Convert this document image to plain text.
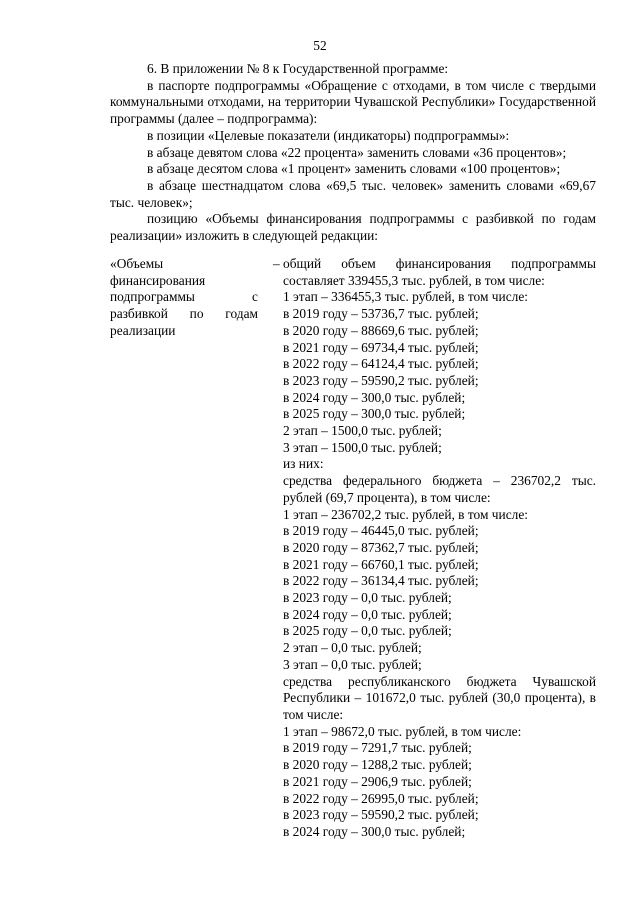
52

6. В приложении № 8 к Государственной программе:

в паспорте подпрограммы «Обращение с отходами, в том числе с твердыми коммунальными отходами, на территории Чувашской Республики» Государственной программы (далее – подпрограмма):

в позиции «Целевые показатели (индикаторы) подпрограммы»:

в абзаце девятом слова «22 процента» заменить словами «36 процентов»;

в абзаце десятом слова «1 процент» заменить словами «100 процентов»;

в абзаце шестнадцатом слова «69,5 тыс. человек» заменить словами «69,67 тыс. человек»;

позицию «Объемы финансирования подпрограммы с разбивкой по годам реализации» изложить в следующей редакции:

«Объемы финансирования подпрограммы с разбивкой по годам реализации
– общий объем финансирования подпрограммы составляет 339455,3 тыс. рублей, в том числе:
1 этап – 336455,3 тыс. рублей, в том числе:
в 2019 году – 53736,7 тыс. рублей;
в 2020 году – 88669,6 тыс. рублей;
в 2021 году – 69734,4 тыс. рублей;
в 2022 году – 64124,4 тыс. рублей;
в 2023 году – 59590,2 тыс. рублей;
в 2024 году – 300,0 тыс. рублей;
в 2025 году – 300,0 тыс. рублей;
2 этап – 1500,0 тыс. рублей;
3 этап – 1500,0 тыс. рублей;
из них:
средства федерального бюджета – 236702,2 тыс. рублей (69,7 процента), в том числе:
1 этап – 236702,2 тыс. рублей, в том числе:
в 2019 году – 46445,0 тыс. рублей;
в 2020 году – 87362,7 тыс. рублей;
в 2021 году – 66760,1 тыс. рублей;
в 2022 году – 36134,4 тыс. рублей;
в 2023 году – 0,0 тыс. рублей;
в 2024 году – 0,0 тыс. рублей;
в 2025 году – 0,0 тыс. рублей;
2 этап – 0,0 тыс. рублей;
3 этап – 0,0 тыс. рублей;
средства республиканского бюджета Чувашской Республики – 101672,0 тыс. рублей (30,0 процента), в том числе:
1 этап – 98672,0 тыс. рублей, в том числе:
в 2019 году – 7291,7 тыс. рублей;
в 2020 году – 1288,2 тыс. рублей;
в 2021 году – 2906,9 тыс. рублей;
в 2022 году – 26995,0 тыс. рублей;
в 2023 году – 59590,2 тыс. рублей;
в 2024 году – 300,0 тыс. рублей;
